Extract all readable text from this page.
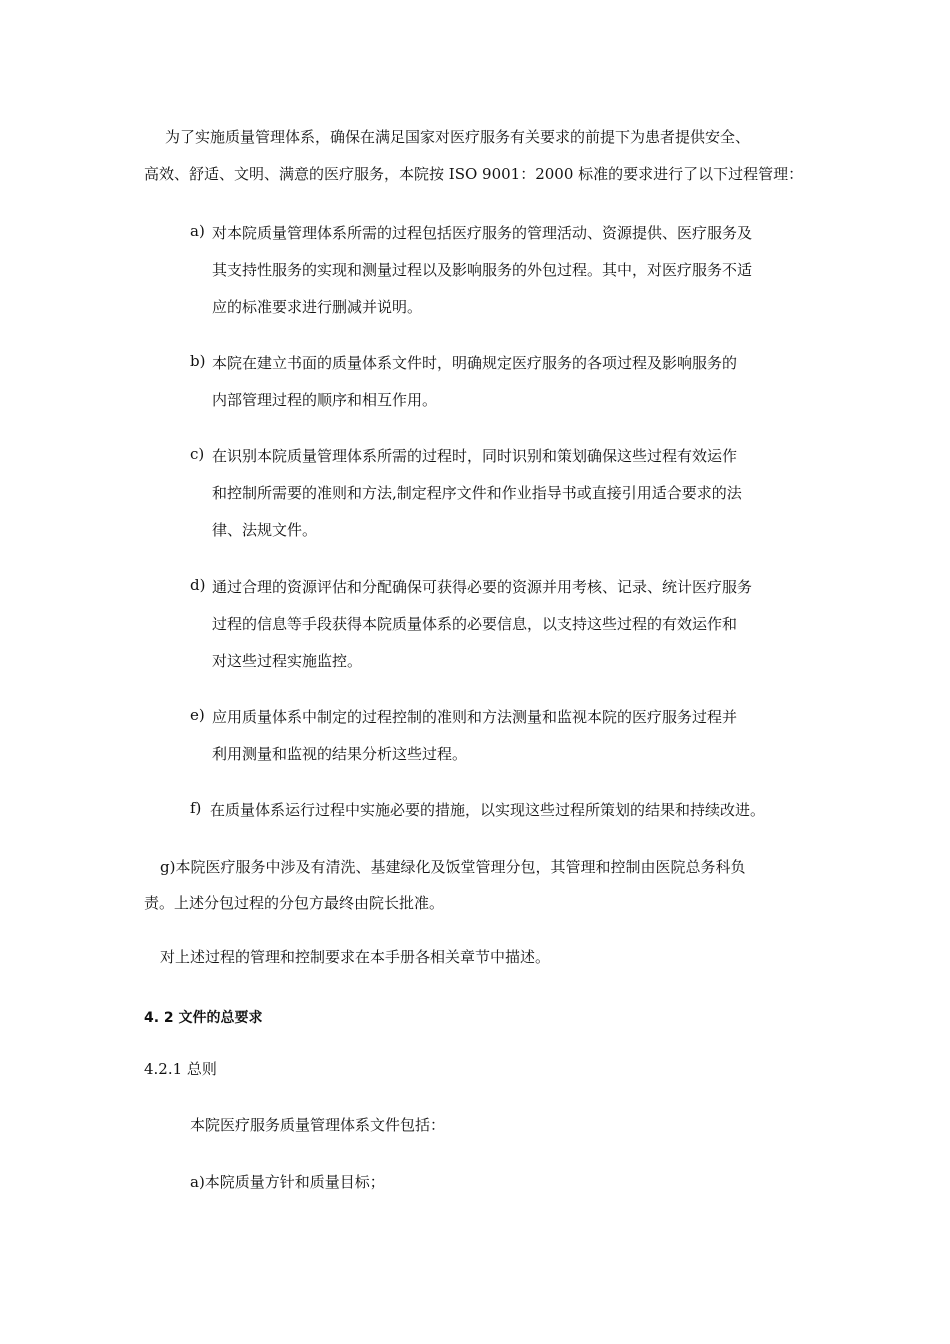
为了实施质量管理体系，确保在满足国家对医疗服务有关要求的前提下为患者提供安全、
高效、舒适、文明、满意的医疗服务，本院按 ISO 9001：2000 标准的要求进行了以下过程管理：
a) 对本院质量管理体系所需的过程包括医疗服务的管理活动、资源提供、医疗服务及
其支持性服务的实现和测量过程以及影响服务的外包过程。其中，对医疗服务不适
应的标准要求进行删减并说明。
b) 本院在建立书面的质量体系文件时，明确规定医疗服务的各项过程及影响服务的
内部管理过程的顺序和相互作用。
c) 在识别本院质量管理体系所需的过程时，同时识别和策划确保这些过程有效运作
和控制所需要的准则和方法,制定程序文件和作业指导书或直接引用适合要求的法
律、法规文件。
d) 通过合理的资源评估和分配确保可获得必要的资源并用考核、记录、统计医疗服务
过程的信息等手段获得本院质量体系的必要信息，以支持这些过程的有效运作和
对这些过程实施监控。
e) 应用质量体系中制定的过程控制的准则和方法测量和监视本院的医疗服务过程并
利用测量和监视的结果分析这些过程。
f) 在质量体系运行过程中实施必要的措施，以实现这些过程所策划的结果和持续改进。
g)本院医疗服务中涉及有清洗、基建绿化及饭堂管理分包，其管理和控制由医院总务科负
责。上述分包过程的分包方最终由院长批准。
对上述过程的管理和控制要求在本手册各相关章节中描述。
4. 2 文件的总要求
4.2.1 总则
本院医疗服务质量管理体系文件包括：
a)本院质量方针和质量目标；
